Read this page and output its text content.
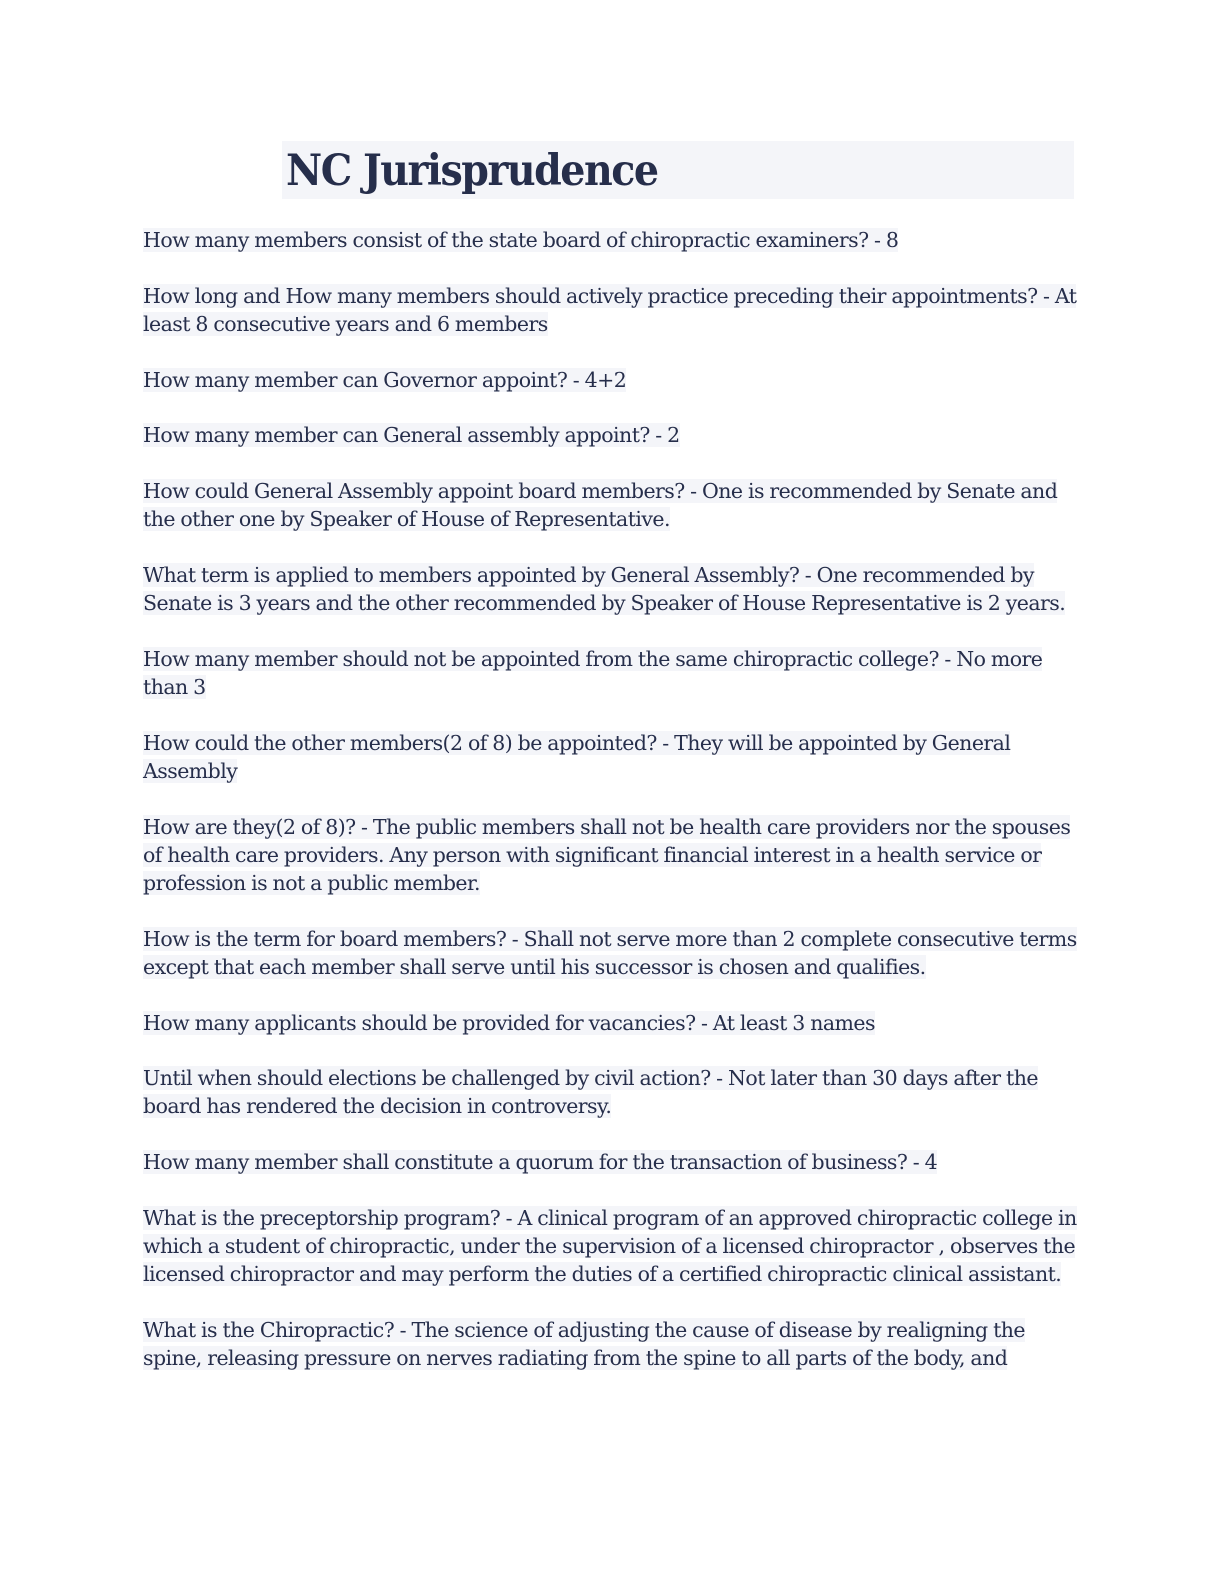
NC Jurisprudence

How many members consist of the state board of chiropractic examiners? - 8

How long and How many members should actively practice preceding their appointments? - At least 8 consecutive years and 6 members

How many member can Governor appoint? - 4+2

How many member can General assembly appoint? - 2

How could General Assembly appoint board members? - One is recommended by Senate and the other one by Speaker of House of Representative.

What term is applied to members appointed by General Assembly? - One recommended by Senate is 3 years and the other recommended by Speaker of House Representative is 2 years.

How many member should not be appointed from the same chiropractic college? - No more than 3

How could the other members(2 of 8) be appointed? - They will be appointed by General Assembly

How are they(2 of 8)? - The public members shall not be health care providers nor the spouses of health care providers. Any person with significant financial interest in a health service or profession is not a public member.

How is the term for board members? - Shall not serve more than 2 complete consecutive terms except that each member shall serve until his successor is chosen and qualifies.

How many applicants should be provided for vacancies? - At least 3 names

Until when should elections be challenged by civil action? - Not later than 30 days after the board has rendered the decision in controversy.

How many member shall constitute a quorum for the transaction of business? - 4

What is the preceptorship program? - A clinical program of an approved chiropractic college in which a student of chiropractic, under the supervision of a licensed chiropractor , observes the licensed chiropractor and may perform the duties of a certified chiropractic clinical assistant.

What is the Chiropractic? - The science of adjusting the cause of disease by realigning the spine, releasing pressure on nerves radiating from the spine to all parts of the body, and
